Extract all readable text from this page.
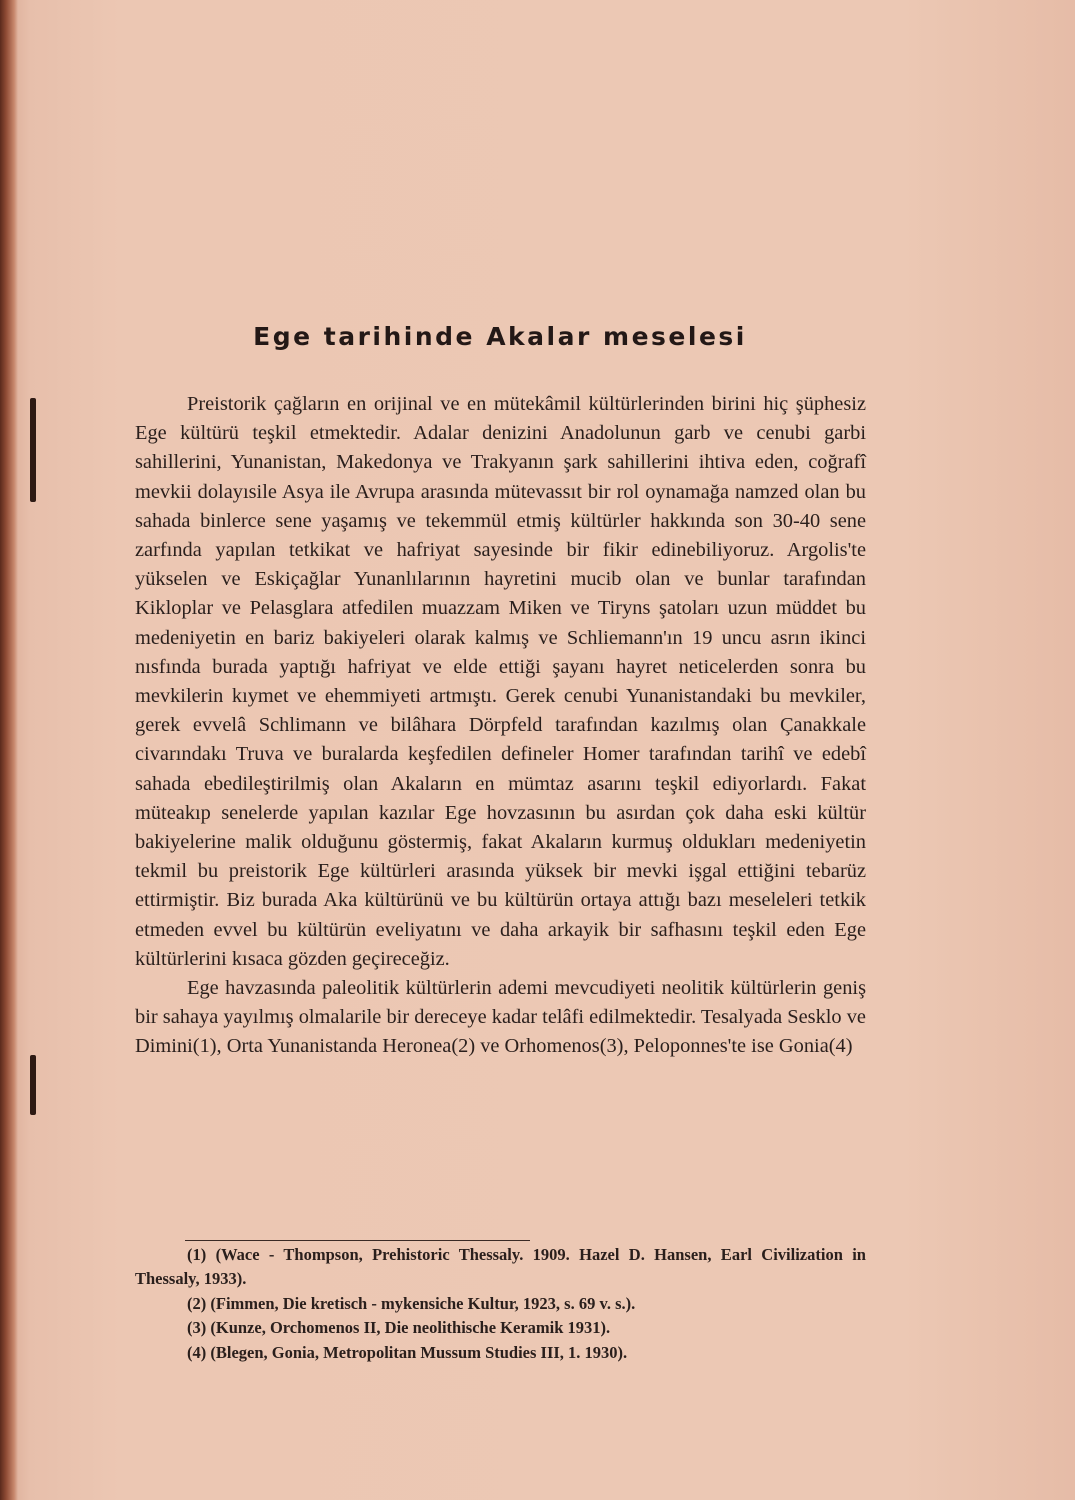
Ege tarihinde Akalar meselesi

Preistorik çağların en orijinal ve en mütekâmil kültürlerinden birini hiç şüphesiz Ege kültürü teşkil etmektedir. Adalar denizini Anadolunun garb ve cenubi garbi sahillerini, Yunanistan, Makedonya ve Trakyanın şark sahillerini ihtiva eden, coğrafî mevkii dolayısile Asya ile Avrupa arasında mütevassıt bir rol oynamağa namzed olan bu sahada binlerce sene yaşamış ve tekemmül etmiş kültürler hakkında son 30-40 sene zarfında yapılan tetkikat ve hafriyat sayesinde bir fikir edinebiliyoruz. Argolis'te yükselen ve Eskiçağlar Yunanlılarının hayretini mucib olan ve bunlar tarafından Kikloplar ve Pelasglara atfedilen muazzam Miken ve Tiryns şatoları uzun müddet bu medeniyetin en bariz bakiyeleri olarak kalmış ve Schliemann'ın 19 uncu asrın ikinci nısfında burada yaptığı hafriyat ve elde ettiği şayanı hayret neticelerden sonra bu mevkilerin kıymet ve ehemmiyeti artmıştı. Gerek cenubi Yunanistandaki bu mevkiler, gerek evvelâ Schlimann ve bilâhara Dörpfeld tarafından kazılmış olan Çanakkale civarındakı Truva ve buralarda keşfedilen defineler Homer tarafından tarihî ve edebî sahada ebedileştirilmiş olan Akaların en mümtaz asarını teşkil ediyorlardı. Fakat müteakıp senelerde yapılan kazılar Ege hovzasının bu asırdan çok daha eski kültür bakiyelerine malik olduğunu göstermiş, fakat Akaların kurmuş oldukları medeniyetin tekmil bu preistorik Ege kültürleri arasında yüksek bir mevki işgal ettiğini tebarüz ettirmiştir. Biz burada Aka kültürünü ve bu kültürün ortaya attığı bazı meseleleri tetkik etmeden evvel bu kültürün eveliyatını ve daha arkayik bir safhasını teşkil eden Ege kültürlerini kısaca gözden geçireceğiz.

Ege havzasında paleolitik kültürlerin ademi mevcudiyeti neolitik kültürlerin geniş bir sahaya yayılmış olmalarile bir dereceye kadar telâfi edilmektedir. Tesalyada Sesklo ve Dimini(1), Orta Yunanistanda Heronea(2) ve Orhomenos(3), Peloponnes'te ise Gonia(4)

(1) (Wace - Thompson, Prehistoric Thessaly. 1909. Hazel D. Hansen, Earl Civilization in Thessaly, 1933).

(2) (Fimmen, Die kretisch - mykensiche Kultur, 1923, s. 69 v. s.).

(3) (Kunze, Orchomenos II, Die neolithische Keramik 1931).

(4) (Blegen, Gonia, Metropolitan Mussum Studies III, 1. 1930).
